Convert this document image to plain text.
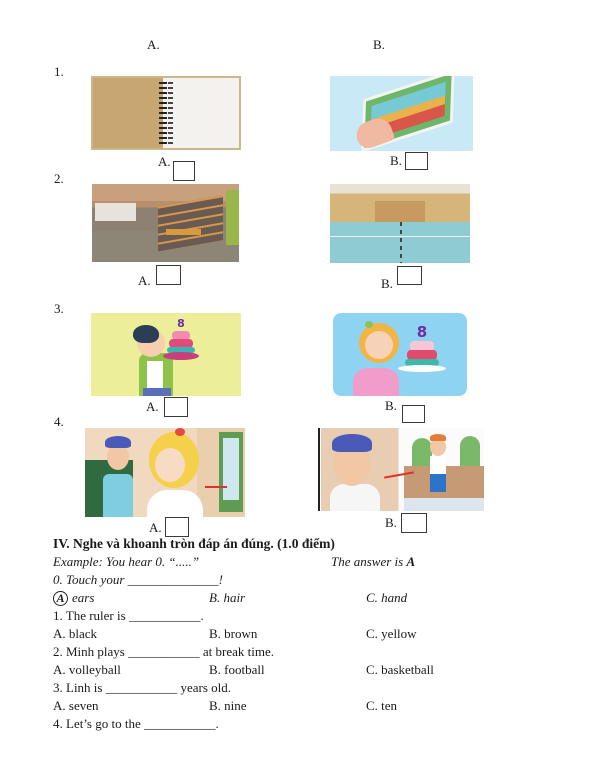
A.	B.
1.
A.	B.
2.
A.	B.
3.
8	8
A.	B.
4.
A.	B.
IV. Nghe và khoanh tròn đáp án đúng. (1.0 điểm)
Example: You hear 0. “.....”	The answer is A
0. Touch your ______________!
A ears	B. hair	C. hand
1. The ruler is ___________.
A. black	B. brown	C. yellow
2. Minh plays ___________ at break time.
A. volleyball	B. football	C. basketball
3. Linh is ___________ years old.
A. seven	B. nine	C. ten
4. Let’s go to the ___________.
